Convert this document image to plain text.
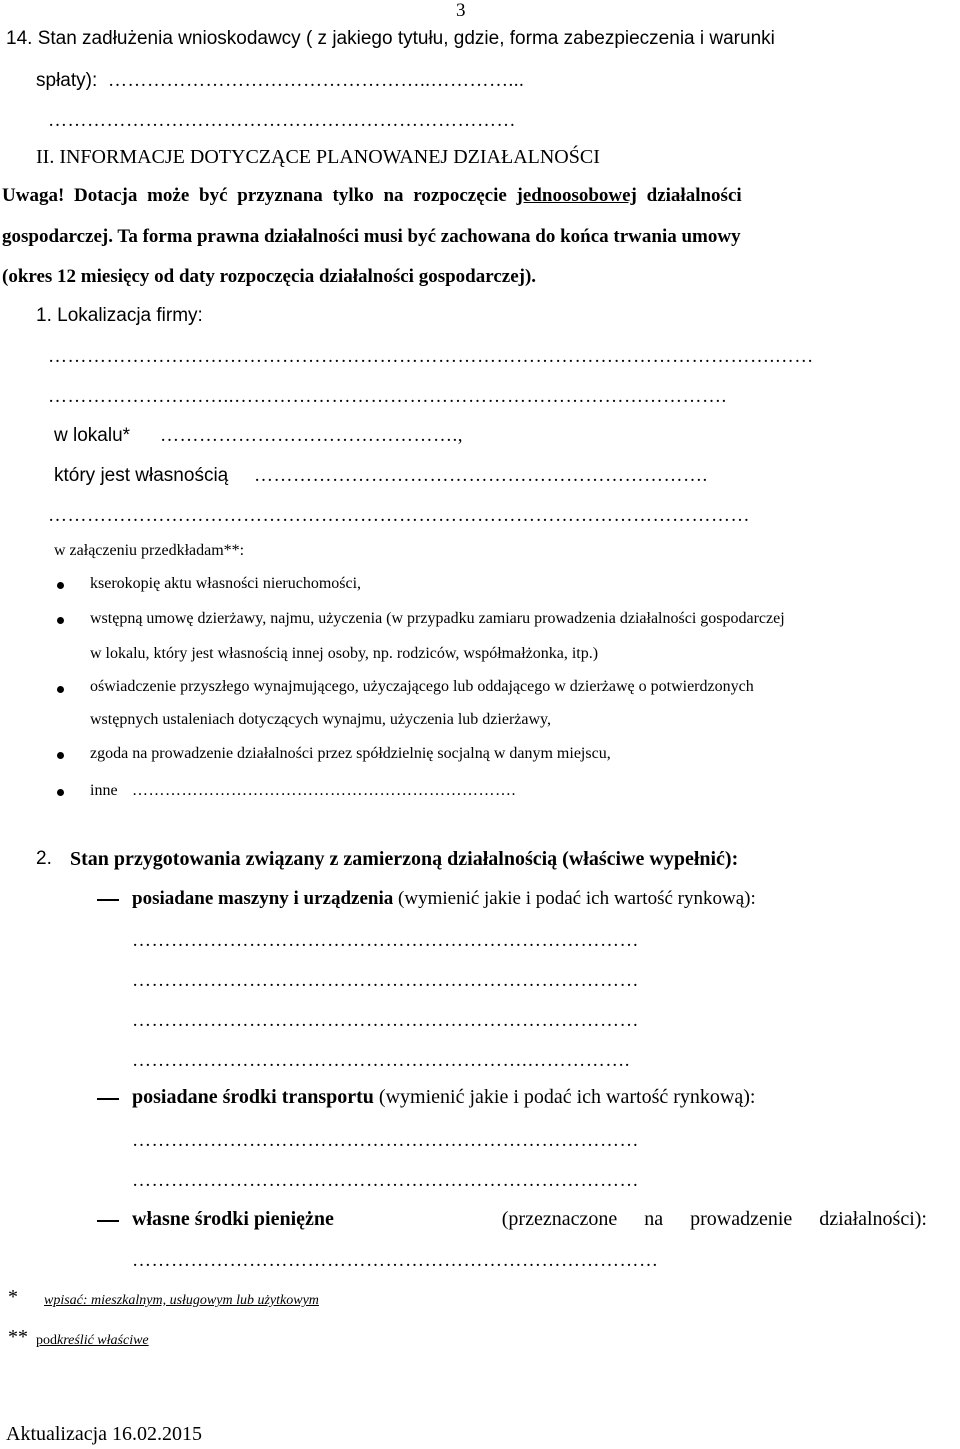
3
14. Stan zadłużenia wnioskodawcy ( z jakiego tytułu, gdzie, forma zabezpieczenia i warunki
spłaty): …………………………………………..…………...
………………………………………………………………
II. INFORMACJE DOTYCZĄCE PLANOWANEJ DZIAŁALNOŚCI
Uwaga! Dotacja może być przyznana tylko na rozpoczęcie jednoosobowej działalności
gospodarczej. Ta forma prawna działalności musi być zachowana do końca trwania umowy
(okres 12 miesięcy od daty rozpoczęcia działalności gospodarczej).
1. Lokalizacja firmy:
………………………………………………………………………………………………….……
………………………..………………………………………………………………….
w lokalu* ……………………………………….,
który jest własnością …………………………………………………………….
………………………………………………………………………………………………
w załączeniu przedkładam**:
kserokopię aktu własności nieruchomości,
wstępną umowę dzierżawy, najmu, użyczenia (w przypadku zamiaru prowadzenia działalności gospodarczej
w lokalu, który jest własnością innej osoby, np. rodziców, współmałżonka, itp.)
oświadczenie przyszłego wynajmującego, użyczającego lub oddającego w dzierżawę o potwierdzonych
wstępnych ustaleniach dotyczących wynajmu, użyczenia lub dzierżawy,
zgoda na prowadzenie działalności przez spółdzielnię socjalną w danym miejscu,
inne …………………………………………………………….
2. Stan przygotowania związany z zamierzoną działalnością (właściwe wypełnić):
posiadane maszyny i urządzenia (wymienić jakie i podać ich wartość rynkową):
……………………………………………………………………
……………………………………………………………………
……………………………………………………………………
…………………………………………………….…………….
posiadane środki transportu (wymienić jakie i podać ich wartość rynkową):
……………………………………………………………………
……………………………………………………………………
własne środki pieniężne	(przeznaczone na prowadzenie działalności):
………………………………………………………………………
* wpisać: mieszkalnym, usługowym lub użytkowym
** podkreślić właściwe
Aktualizacja 16.02.2015
